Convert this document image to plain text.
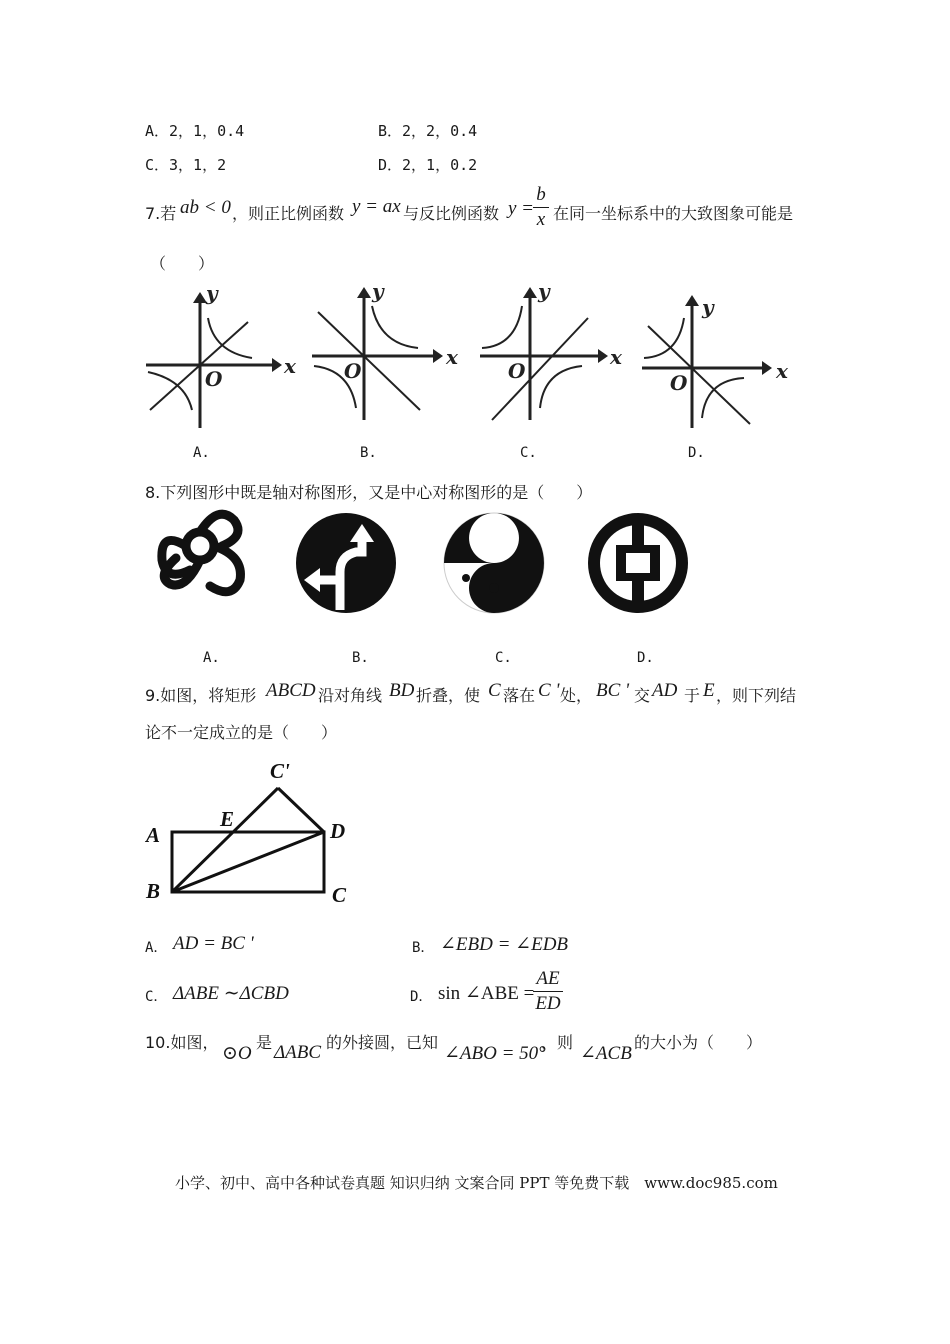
A．2，1，0.4	B．2，2，0.4
C．3，1，2	D．2，1，0.2
7.若 ab < 0 ，则正比例函数 y = ax 与反比例函数 y =
b
x 在同一坐标系中的大致图象可能是
（　　）
y
x
O
y
x
O
y
x
O
y
x
O
A.	B.	C.	D.
8.下列图形中既是轴对称图形，又是中心对称图形的是（　　）
A.	B.	C.	D.
9.如图，将矩形 ABCD 沿对角线 BD 折叠，使 C 落在 C ' 处， BC ' 交 AD 于 E ，则下列结
论不一定成立的是（　　）
A
B	C
D
E
C'
A． AD = BC '	B． ∠EBD = ∠EDB
C． ΔABE ∼ΔCBD	D． sin ∠ABE =
AE
ED
10.如图，
⊙O
是 ΔABC 的外接圆，已知
∠ABO = 50°
，则
∠ACB
的大小为（　　）
小学、初中、高中各种试卷真题 知识归纳 文案合同 PPT 等免费下载　www.doc985.com
